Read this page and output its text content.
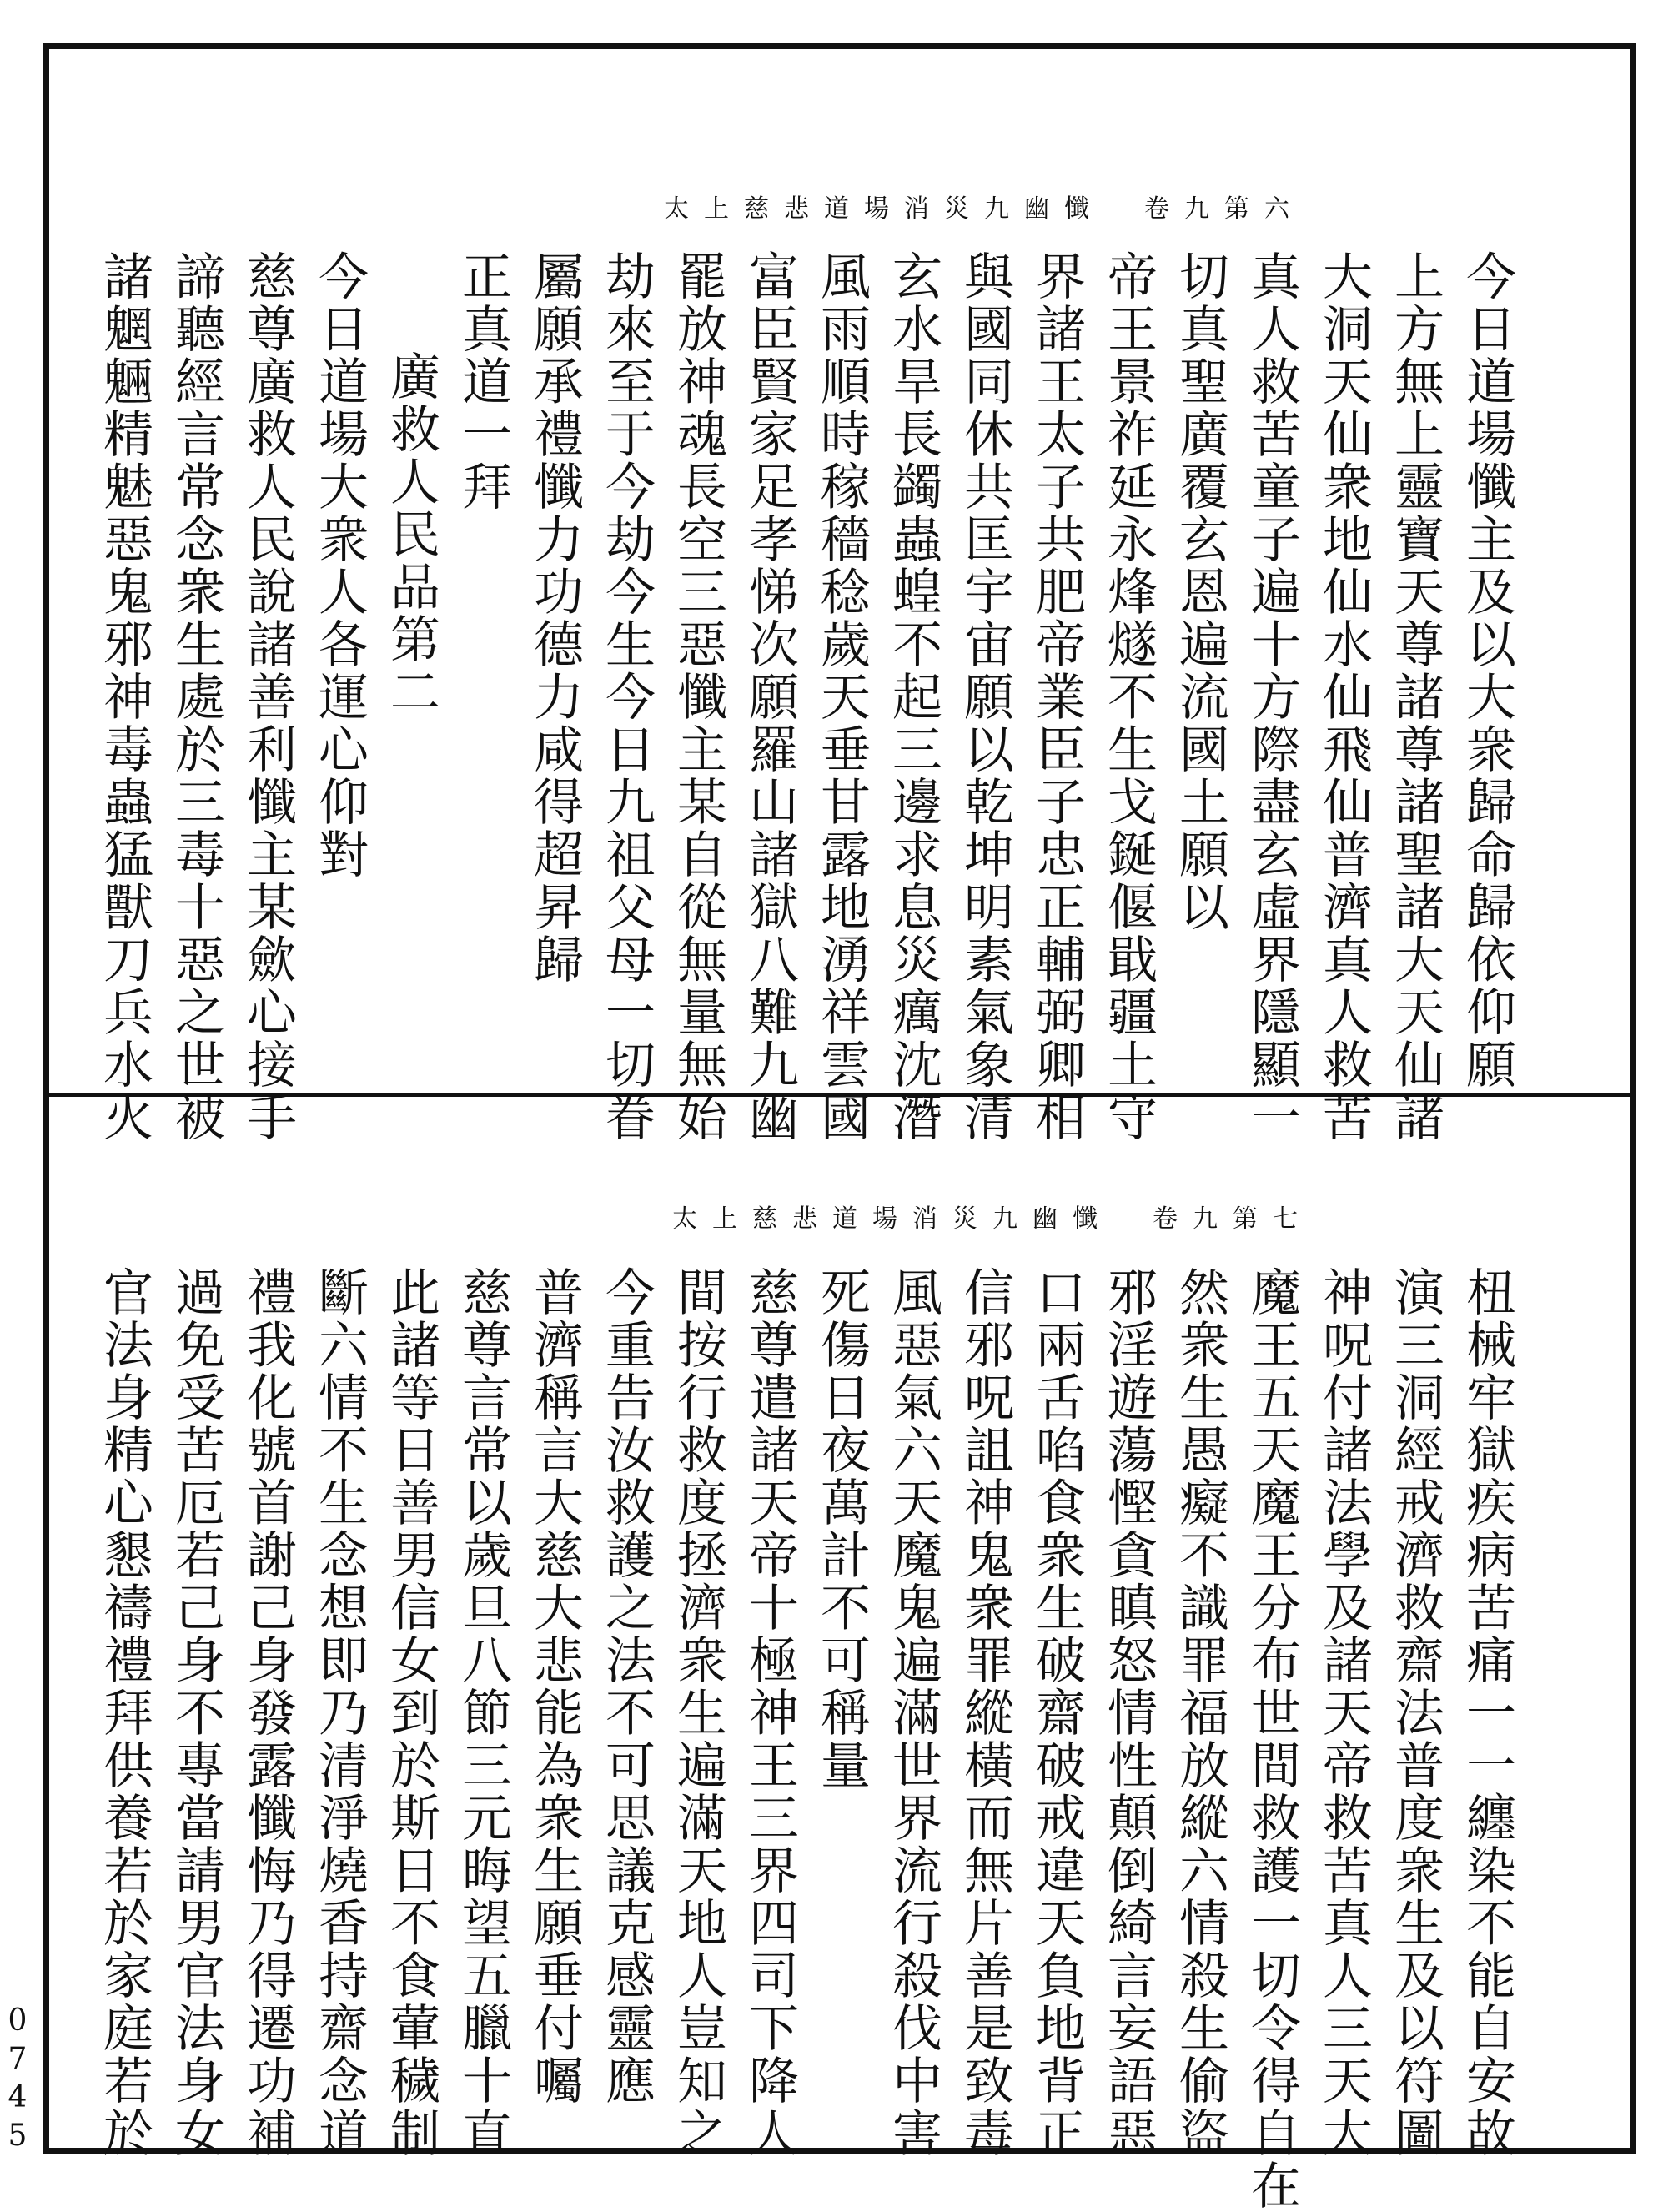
太上慈悲道場消災九幽懺　卷九第六
今日道場懺主及以大衆歸命歸依仰願
上方無上靈寶天尊諸尊諸聖諸大天仙諸
大洞天仙衆地仙水仙飛仙普濟真人救苦
真人救苦童子遍十方際盡玄虛界隱顯一
切真聖廣覆玄恩遍流國土願以
帝王景祚延永烽燧不生戈鋋偃戢疆土守
界諸王太子共肥帝業臣子忠正輔弼卿相
與國同休共匡宇宙願以乾坤明素氣象清
玄水旱長蠲蟲蝗不起三邊求息災癘沈潛
風雨順時稼穡稔歲天垂甘露地湧祥雲國
富臣賢家足孝悌次願羅山諸獄八難九幽
罷放神魂長空三惡懺主某自從無量無始
劫來至于今劫今生今日九祖父母一切眷
屬願承禮懺力功德力咸得超昇歸
正真道一拜
廣救人民品第二
今日道場大衆人各運心仰對
慈尊廣救人民說諸善利懺主某歛心接手
諦聽經言常念衆生處於三毒十惡之世被
諸魍魎精魅惡鬼邪神毒蟲猛獸刀兵水火
太上慈悲道場消災九幽懺　卷九第七
杻械牢獄疾病苦痛一一纏染不能自安故
演三洞經戒濟救齋法普度衆生及以符圖
神呪付諸法學及諸天帝救苦真人三天大
魔王五天魔王分布世間救護一切令得自在
然衆生愚癡不識罪福放縱六情殺生偷盜
邪淫遊蕩慳貪瞋怒情性顛倒綺言妄語惡
口兩舌啗食衆生破齋破戒違天負地背正
信邪呪詛神鬼衆罪縱橫而無片善是致毒
風惡氣六天魔鬼遍滿世界流行殺伐中害
死傷日夜萬計不可稱量
慈尊遣諸天帝十極神王三界四司下降人
間按行救度拯濟衆生遍滿天地人豈知之
今重告汝救護之法不可思議克感靈應
普濟稱言大慈大悲能為衆生願垂付囑
慈尊言常以歲旦八節三元晦望五臘十直
此諸等日善男信女到於斯日不食葷穢制
斷六情不生念想即乃清淨燒香持齋念道
禮我化號首謝己身發露懺悔乃得遷功補
過免受苦厄若己身不專當請男官法身女
官法身精心懇禱禮拜供養若於家庭若於
0
7
4
5
